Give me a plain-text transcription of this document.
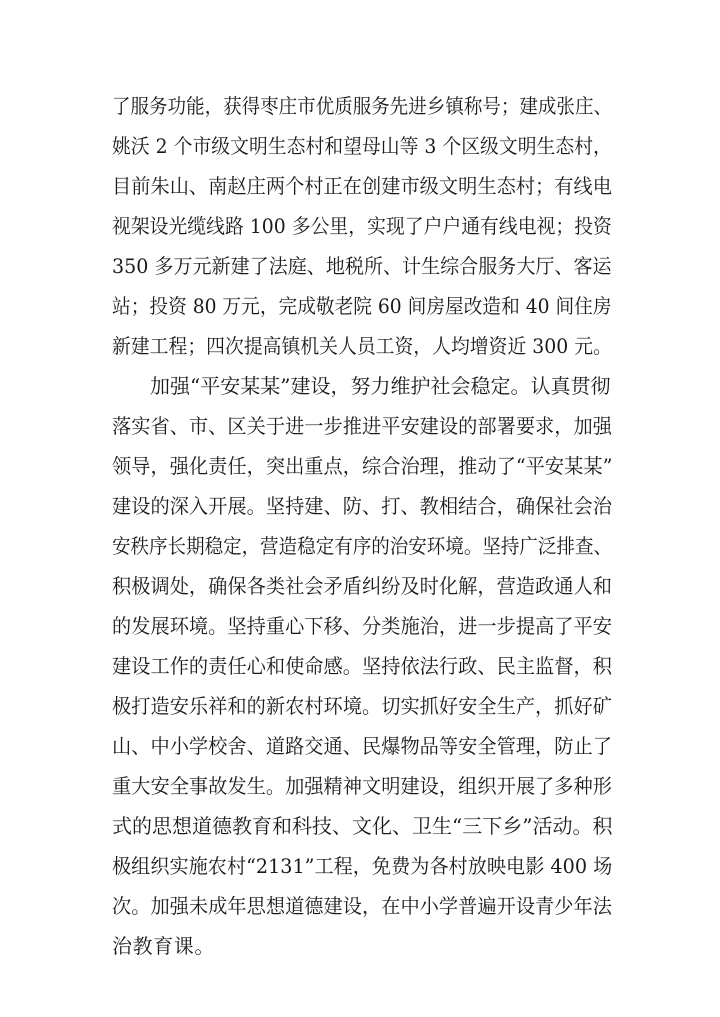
了服务功能，获得枣庄市优质服务先进乡镇称号；建成张庄、
姚沃 2 个市级文明生态村和望母山等 3 个区级文明生态村，
目前朱山、南赵庄两个村正在创建市级文明生态村；有线电
视架设光缆线路 100 多公里，实现了户户通有线电视；投资
350 多万元新建了法庭、地税所、计生综合服务大厅、客运
站；投资 80 万元，完成敬老院 60 间房屋改造和 40 间住房
新建工程；四次提高镇机关人员工资，人均增资近 300 元。
加强“平安某某”建设，努力维护社会稳定。认真贯彻
落实省、市、区关于进一步推进平安建设的部署要求，加强
领导，强化责任，突出重点，综合治理，推动了“平安某某”
建设的深入开展。坚持建、防、打、教相结合，确保社会治
安秩序长期稳定，营造稳定有序的治安环境。坚持广泛排查、
积极调处，确保各类社会矛盾纠纷及时化解，营造政通人和
的发展环境。坚持重心下移、分类施治，进一步提高了平安
建设工作的责任心和使命感。坚持依法行政、民主监督，积
极打造安乐祥和的新农村环境。切实抓好安全生产，抓好矿
山、中小学校舍、道路交通、民爆物品等安全管理，防止了
重大安全事故发生。加强精神文明建设，组织开展了多种形
式的思想道德教育和科技、文化、卫生“三下乡”活动。积
极组织实施农村“2131”工程，免费为各村放映电影 400 场
次。加强未成年思想道德建设，在中小学普遍开设青少年法
治教育课。
